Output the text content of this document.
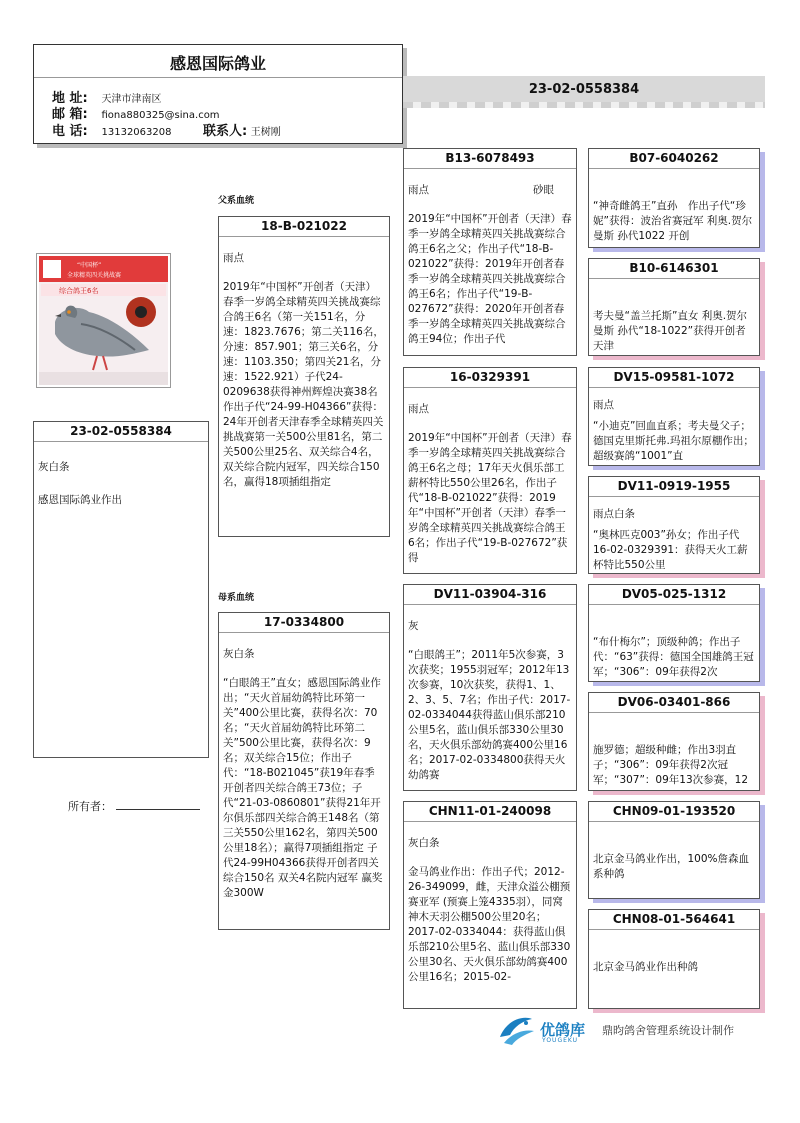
感恩国际鸽业
地 址: 天津市津南区
邮 箱: fiona880325@sina.com
电 话: 13132063208 联系人: 王树刚
23-02-0558384
父系血统
母系血统
“中国杯”
全球精英四关挑战赛
综合鸽王6名
23-02-0558384
灰白条
感恩国际鸽业作出
所有者：
18-B-021022
雨点
2019年“中国杯”开创者（天津）春季一岁鸽全球精英四关挑战赛综合鸽王6名（第一关151名，分速：1823.7676；第二关116名，分速：857.901；第三关6名，分速：1103.350；第四关21名，分速：1522.921）子代24-0209638获得神州辉煌决赛38名作出子代“24-99-H04366”获得：24年开创者天津春季全球精英四关挑战赛第一关500公里81名，第二关500公里25名、双关综合4名，双关综合院内冠军，四关综合150名，赢得18项插组指定
17-0334800
灰白条
“白眼鸽王”直女；感恩国际鸽业作出；“天火首届幼鸽特比环第一关”400公里比赛，获得名次：70名；“天火首届幼鸽特比环第二关”500公里比赛，获得名次：9名；双关综合15位；作出子代：“18-B021045”获19年春季开创者四关综合鸽王73位；子代“21-03-0860801”获得21年开尔俱乐部四关综合鸽王148名（第三关550公里162名，第四关500公里18名）；赢得7项插组指定 子代24-99H04366获得开创者四关综合150名 双关4名院内冠军 赢奖金300W
B13-6078493
雨点	砂眼
2019年“中国杯”开创者（天津）春季一岁鸽全球精英四关挑战赛综合鸽王6名之父；作出子代“18-B-021022”获得：2019年开创者春季一岁鸽全球精英四关挑战赛综合鸽王6名；作出子代“19-B-027672”获得：2020年开创者春季一岁鸽全球精英四关挑战赛综合鸽王94位；作出子代
16-0329391
雨点
2019年“中国杯”开创者（天津）春季一岁鸽全球精英四关挑战赛综合鸽王6名之母；17年天火俱乐部工薪杯特比550公里26名，作出子代“18-B-021022”获得：2019年“中国杯”开创者（天津）春季一岁鸽全球精英四关挑战赛综合鸽王6名；作出子代“19-B-027672”获得
DV11-03904-316
灰
“白眼鸽王”；2011年5次参赛，3次获奖；1955羽冠军；2012年13次参赛，10次获奖，获得1、1、2、3、5、7名；作出子代：2017-02-0334044获得蓝山俱乐部210公里5名，蓝山俱乐部330公里30名，天火俱乐部幼鸽赛400公里16名；2017-02-0334800获得天火幼鸽赛
CHN11-01-240098
灰白条
金马鸽业作出：作出子代；2012-26-349099，雌，天津众溢公棚预赛亚军 (预赛上笼4335羽），同窝神木天羽公棚500公里20名；2017-02-0334044：获得蓝山俱乐部210公里5名、蓝山俱乐部330公里30名、天火俱乐部幼鸽赛400公里16名；2015-02-
B07-6040262
“神奇雌鸽王”直孙　作出子代“珍妮”获得：波治省赛冠军 利奥.贺尔曼斯 孙代1022 开创
B10-6146301
考夫曼“盖兰托斯”直女 利奥.贺尔曼斯 孙代“18-1022”获得开创者天津
DV15-09581-1072
雨点
“小迪克”回血直系；考夫曼父子；德国克里斯托弗.玛祖尔原棚作出；超级赛鸽“1001”直
DV11-0919-1955
雨点白条
“奥林匹克003”孙女；作出子代16-02-0329391：获得天火工薪杯特比550公里
DV05-025-1312
“布什梅尔”；顶级种鸽；作出子代：“63”获得：德国全国雄鸽王冠军；“306”：09年获得2次
DV06-03401-866
施罗德；超级种雌；作出3羽直子；“306”：09年获得2次冠军；“307”：09年13次参赛，12
CHN09-01-193520
北京金马鸽业作出，100%詹森血系种鸽
CHN08-01-564641
北京金马鸽业作出种鸽
优鸽库
YOUGEKU
鼎昀鸽舍管理系统设计制作
